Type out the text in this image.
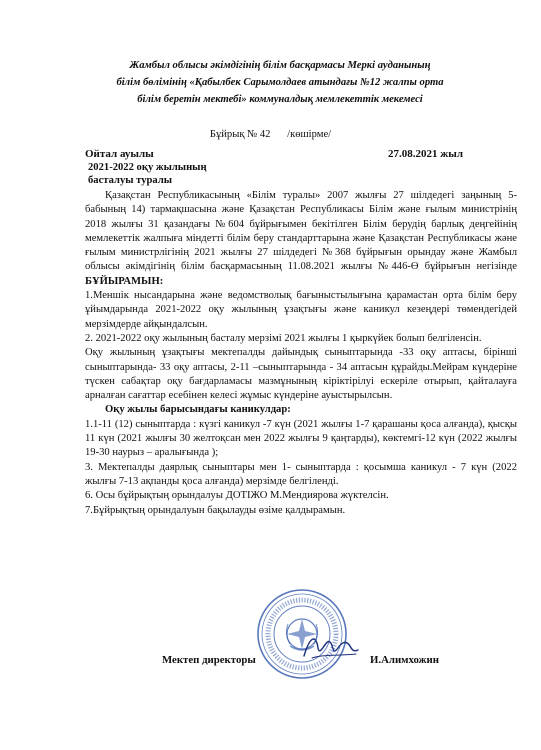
Жамбыл облысы әкімдігінің білім басқармасы Меркі ауданының
білім бөлімінің «Қабылбек Сарымолдаев атындағы №12 жалпы орта
білім беретін мектебі» коммуналдық мемлекеттік мекемесі
Бұйрық № 42 /көшірме/
Ойтал ауылы	27.08.2021 жыл
2021-2022 оқу жылының
басталуы туралы

Қазақстан Республикасының «Білім туралы» 2007 жылғы 27 шілдедегі заңының 5-бабының 14) тармақшасына және Қазақстан Республикасы Білім және ғылым министрінің 2018 жылғы 31 қазандағы №604 бұйрығымен бекітілген Білім берудің барлық деңгейінің мемлекеттік жалпыға міндетті білім беру стандарттарына және Қазақстан Республикасы және ғылым министрлігінің 2021 жылғы 27 шілдедегі №368 бұйрығын орындау және Жамбыл облысы әкімдігінің білім басқармасының 11.08.2021 жылғы №446-Ө бұйрығын негізінде БҰЙЫРАМЫН:

1.Меншік нысандарына және ведомстволық бағыныстылығына қарамастан орта білім беру ұйымдарында 2021-2022 оқу жылының ұзақтығы және каникул кезеңдері төмендегідей мерзімдерде айқындалсын.

2. 2021-2022 оқу жылының басталу мерзімі 2021 жылғы 1 қыркүйек болып белгіленсін.

Оқу жылының ұзақтығы мектепалды дайындық сыныптарында -33 оқу аптасы, бірінші сыныптарында- 33 оқу аптасы, 2-11 –сыныптарында - 34 аптасын құрайды.Мейрам күндеріне түскен сабақтар оқу бағдарламасы мазмұнының кіріктірілуі ескеріле отырып, қайталауға арналған сағаттар есебінен келесі жұмыс күндеріне ауыстырылсын.

Оқу жылы барысындағы каникулдар:

1.1-11 (12) сыныптарда : күзгі каникул -7 күн (2021 жылғы 1-7 қарашаны қоса алғанда), қысқы 11 күн (2021 жылғы 30 желтоқсан мен 2022 жылғы 9 қаңтарды), көктемгі-12 күн (2022 жылғы 19-30 наурыз – аралығында );

3. Мектепалды даярлық сыныптары мен 1- сыныптарда : қосымша каникул - 7 күн (2022 жылғы 7-13 ақпанды қоса алғанда) мерзімде белгіленді.

6. Осы бұйрықтың орындалуы ДОТІЖО М.Мендиярова жүктелсін.

7.Бұйрықтың орындалуын бақылауды өзіме қалдырамын.

Мектеп директоры	И.Алимхожин
